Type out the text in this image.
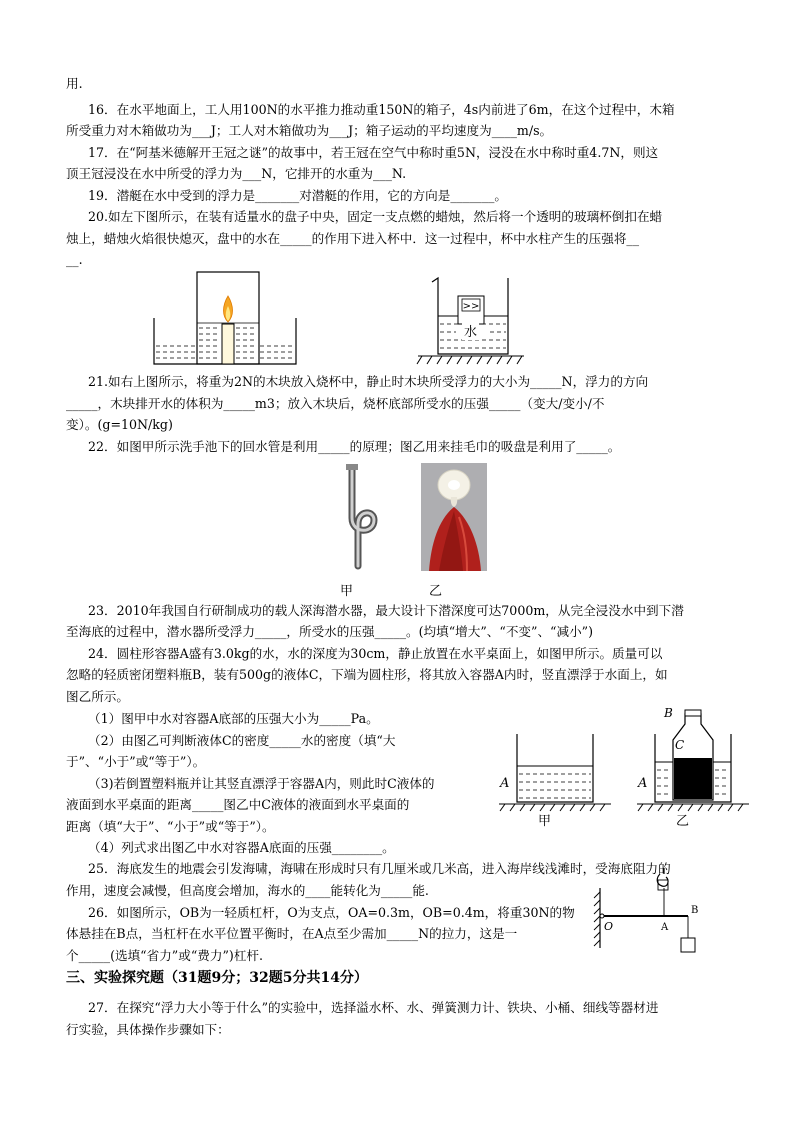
用.
16．在水平地面上，工人用100N的水平推力推动重150N的箱子，4s内前进了6m，在这个过程中，木箱
所受重力对木箱做功为___J；工人对木箱做功为___J；箱子运动的平均速度为____m/s。
17．在“阿基米德解开王冠之谜”的故事中，若王冠在空气中称时重5N，浸没在水中称时重4.7N，则这
顶王冠浸没在水中所受的浮力为___N，它排开的水重为___N.
19．潜艇在水中受到的浮力是_______对潜艇的作用，它的方向是_______。
20.如左下图所示，在装有适量水的盘子中央，固定一支点燃的蜡烛，然后将一个透明的玻璃杯倒扣在蜡
烛上，蜡烛火焰很快熄灭，盘中的水在_____的作用下进入杯中．这一过程中，杯中水柱产生的压强将__
__.
>>
水
21.如右上图所示，将重为2N的木块放入烧杯中，静止时木块所受浮力的大小为_____N，浮力的方向
_____，木块排开水的体积为_____m3；放入木块后，烧杯底部所受水的压强_____（变大/变小/不
变）。(g=10N/kg)
22．如图甲所示洗手池下的回水管是利用_____的原理；图乙用来挂毛巾的吸盘是利用了_____。
甲	乙
23．2010年我国自行研制成功的载人深海潜水器，最大设计下潜深度可达7000m，从完全浸没水中到下潜
至海底的过程中，潜水器所受浮力_____，所受水的压强_____。(均填“增大”、“不变”、“减小”)
24．圆柱形容器A盛有3.0kg的水，水的深度为30cm，静止放置在水平桌面上，如图甲所示。质量可以
忽略的轻质密闭塑料瓶B，装有500g的液体C，下端为圆柱形，将其放入容器A内时，竖直漂浮于水面上，如
图乙所示。
（1）图甲中水对容器A底部的压强大小为_____Pa。
（2）由图乙可判断液体C的密度_____水的密度（填“大
于”、“小于”或“等于”）。
（3)若倒置塑料瓶并让其竖直漂浮于容器A内，则此时C液体的
液面到水平桌面的距离_____图乙中C液体的液面到水平桌面的
距离（填“大于”、“小于”或“等于”）。
（4）列式求出图乙中水对容器A底面的压强________。
A
甲
B
C
A
乙
25．海底发生的地震会引发海啸，海啸在形成时只有几厘米或几米高，进入海岸线浅滩时，受海底阻力的
作用，速度会减慢，但高度会增加，海水的____能转化为_____能.
26．如图所示，OB为一轻质杠杆，O为支点，OA=0.3m，OB=0.4m，将重30N的物
体悬挂在B点，当杠杆在水平位置平衡时，在A点至少需加_____N的拉力，这是一
个_____(选填“省力”或“费力”)杠杆.
O	A
B
三、实验探究题（31题9分；32题5分共14分）
27．在探究“浮力大小等于什么”的实验中，选择溢水杯、水、弹簧测力计、铁块、小桶、细线等器材进
行实验，具体操作步骤如下：
